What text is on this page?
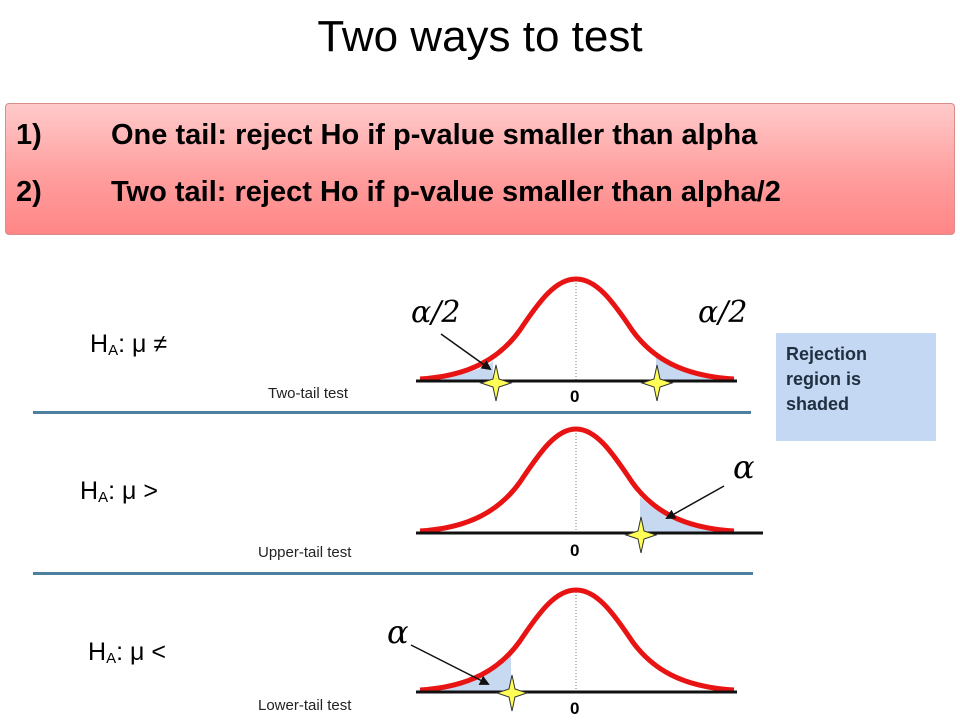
Two ways to test
1) One tail: reject Ho if p-value smaller than alpha
2) Two tail: reject Ho if p-value smaller than alpha/2
$H_A$: μ ≠
$H_A$: μ >
$H_A$: μ <
Two-tail test
Upper-tail test
Lower-tail test
Rejection region is shaded
α/2	α/2
0
α
0
α
0
